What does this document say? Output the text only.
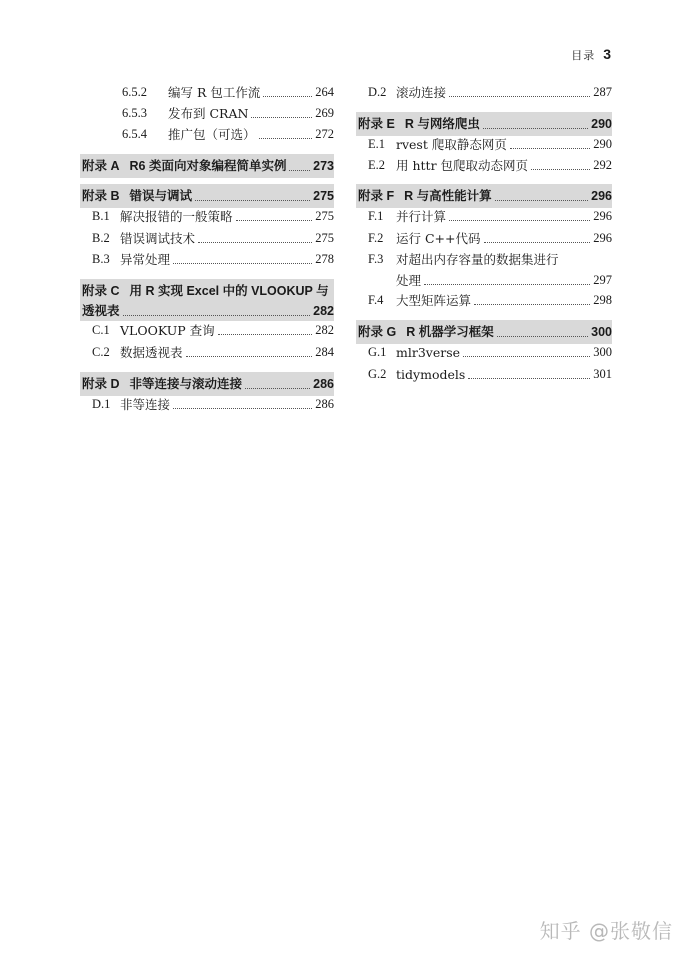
目录 3
6.5.2	编写 R 包工作流	264
6.5.3	发布到 CRAN	269
6.5.4	推广包（可选）	272
附录 A R6 类面向对象编程简单实例 273
附录 B 错误与调试	275
B.1 解决报错的一般策略	275
B.2 错误调试技术	275
B.3 异常处理	278
附录 C 用 R 实现 Excel 中的 VLOOKUP 与
透视表	282
C.1 VLOOKUP 查询	282
C.2 数据透视表	284
附录 D 非等连接与滚动连接	286
D.1 非等连接	286
D.2 滚动连接	287
附录 E R 与网络爬虫	290
E.1 rvest 爬取静态网页	290
E.2 用 httr 包爬取动态网页	292
附录 F R 与高性能计算	296
F.1	并行计算	296
F.2	运行 C++代码	296
F.3	对超出内存容量的数据集进行
处理	297
F.4	大型矩阵运算	298
附录 G R 机器学习框架	300
G.1 mlr3verse	300
G.2 tidymodels	301
知乎 @张敬信
